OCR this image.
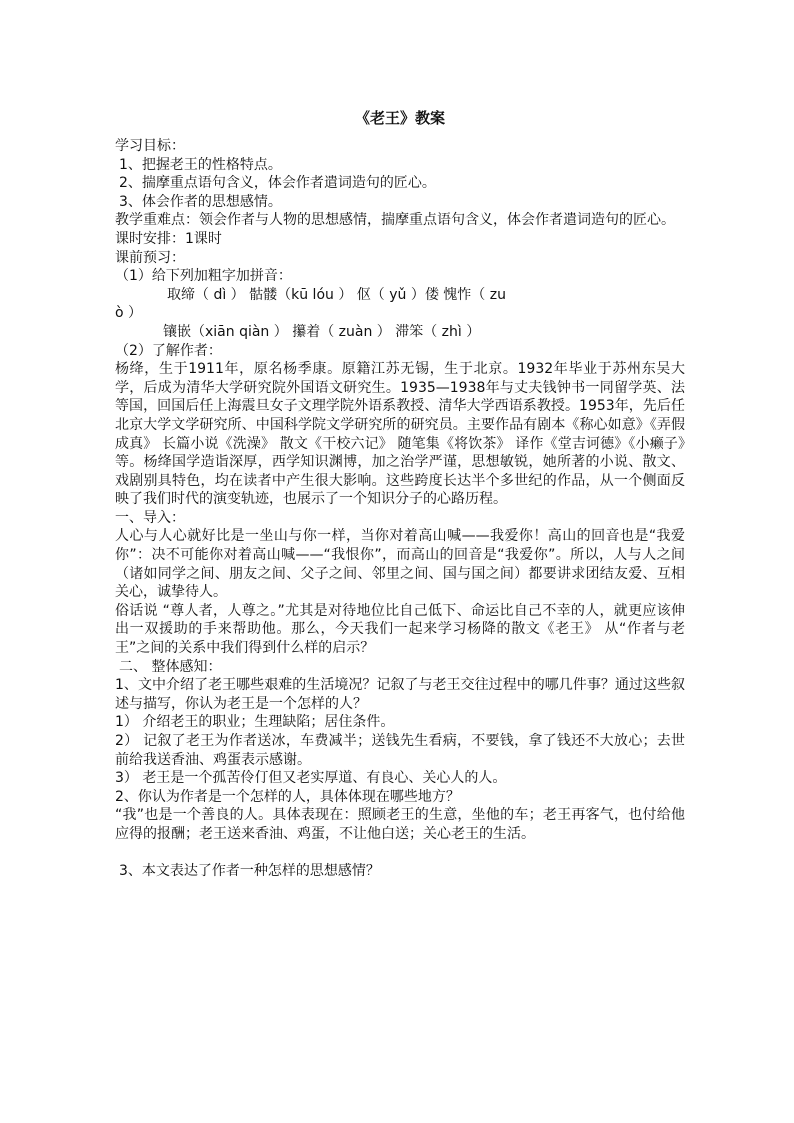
《老王》教案
学习目标：
1、把握老王的性格特点。
2、揣摩重点语句含义，体会作者遣词造句的匠心。
3、体会作者的思想感情。
教学重难点：领会作者与人物的思想感情，揣摩重点语句含义，体会作者遣词造句的匠心。
课时安排：1课时
课前预习：
（1）给下列加粗字加拼音：
取缔（ dì ） 骷髅（kū lóu ） 伛（ yǔ ）偻 愧怍（ zu
ò ）
镶嵌（xiān qiàn ） 攥着（ zuàn ） 滞笨（ zhì ）
（2）了解作者：
杨绛，生于1911年，原名杨季康。原籍江苏无锡，生于北京。1932年毕业于苏州东吴大学，后成为清华大学研究院外国语文研究生。1935—1938年与丈夫钱钟书一同留学英、法等国，回国后任上海震旦女子文理学院外语系教授、清华大学西语系教授。1953年，先后任北京大学文学研究所、中国科学院文学研究所的研究员。主要作品有剧本《称心如意》《弄假成真》 长篇小说《洗澡》 散文《干校六记》 随笔集《将饮茶》 译作《堂吉诃德》《小癞子》等。杨绛国学造诣深厚，西学知识渊博，加之治学严谨，思想敏锐，她所著的小说、散文、戏剧别具特色，均在读者中产生很大影响。这些跨度长达半个多世纪的作品，从一个侧面反映了我们时代的演变轨迹，也展示了一个知识分子的心路历程。
一、导入：
人心与人心就好比是一坐山与你一样，当你对着高山喊——我爱你！高山的回音也是“我爱你”：决不可能你对着高山喊——“我恨你”，而高山的回音是“我爱你”。所以，人与人之间（诸如同学之间、朋友之间、父子之间、邻里之间、国与国之间）都要讲求团结友爱、互相关心，诚挚待人。
俗话说 “尊人者，人尊之。”尤其是对待地位比自己低下、命运比自己不幸的人，就更应该伸出一双援助的手来帮助他。那么，今天我们一起来学习杨降的散文《老王》 从“作者与老王”之间的关系中我们得到什么样的启示？
二、 整体感知：
1、文中介绍了老王哪些艰难的生活境况？记叙了与老王交往过程中的哪几件事？通过这些叙述与描写，你认为老王是一个怎样的人？
1） 介绍老王的职业；生理缺陷；居住条件。
2） 记叙了老王为作者送冰，车费减半；送钱先生看病，不要钱，拿了钱还不大放心；去世前给我送香油、鸡蛋表示感谢。
3） 老王是一个孤苦伶仃但又老实厚道、有良心、关心人的人。
2、你认为作者是一个怎样的人，具体体现在哪些地方？
“我”也是一个善良的人。具体表现在：照顾老王的生意，坐他的车；老王再客气，也付给他应得的报酬；老王送来香油、鸡蛋，不让他白送；关心老王的生活。
3、本文表达了作者一种怎样的思想感情？
